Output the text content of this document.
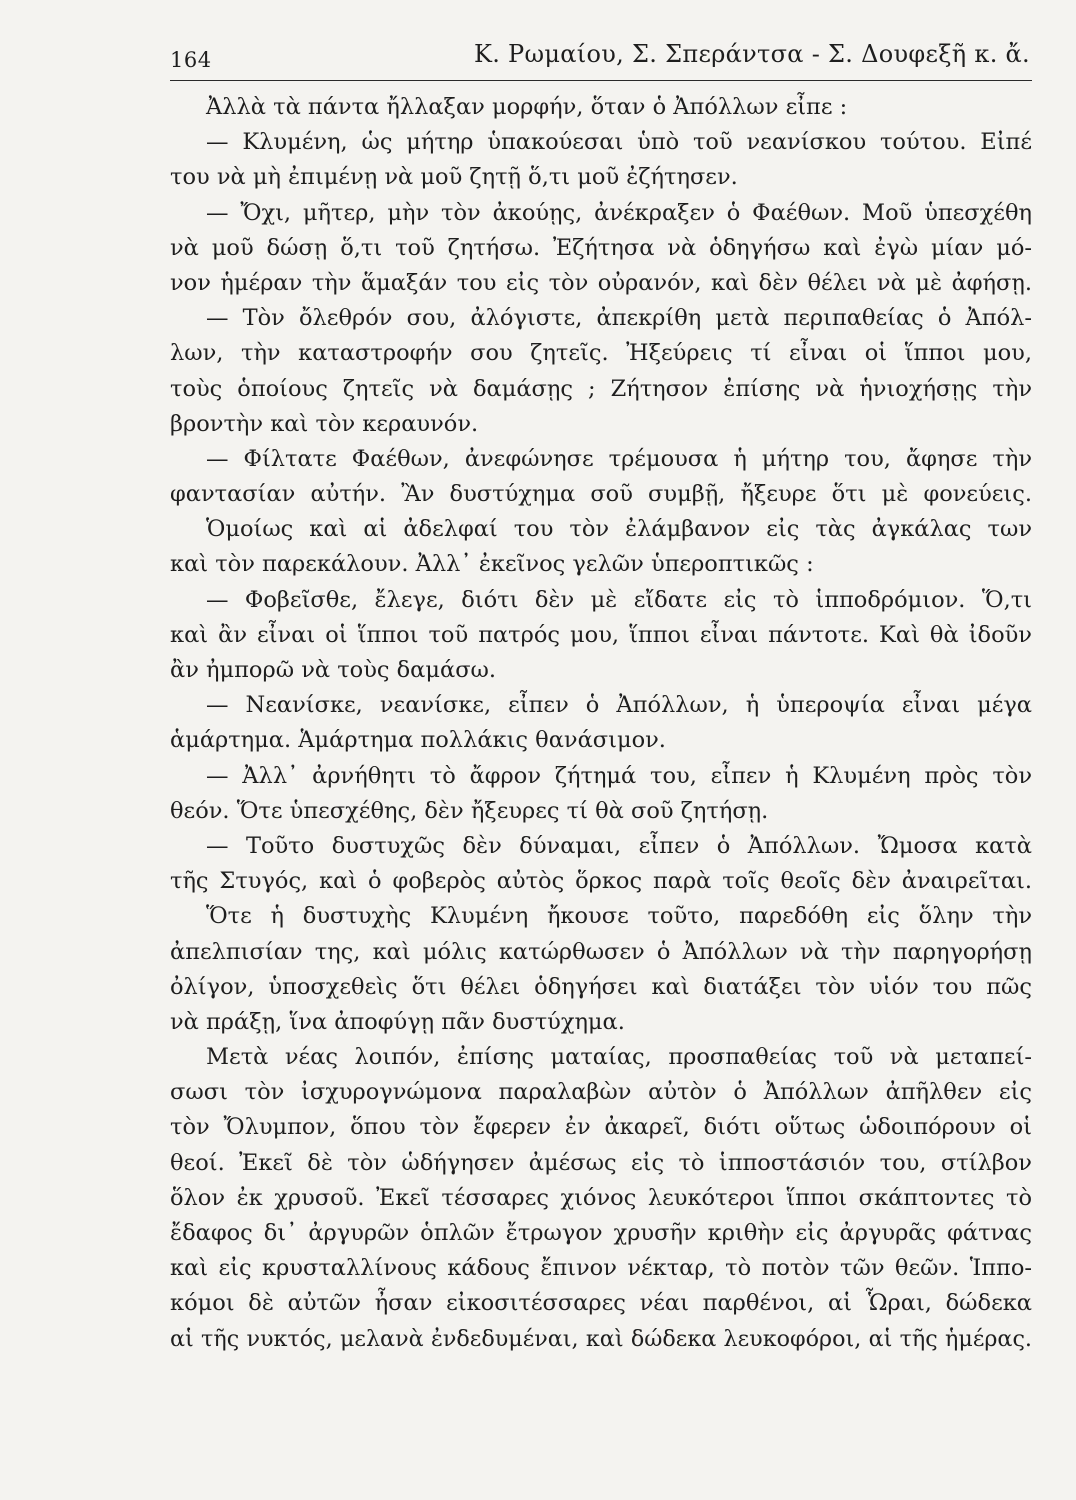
164	Κ. Ρωμαίου, Σ. Σπεράντσα - Σ. Δουφεξῆ κ. ἄ.
Ἀλλὰ τὰ πάντα ἤλλαξαν μορφήν, ὅταν ὁ Ἀπόλλων εἶπε :
— Κλυμένη, ὡς μήτηρ ὑπακούεσαι ὑπὸ τοῦ νεανίσκου τούτου. Εἰπέ
του νὰ μὴ ἐπιμένῃ νὰ μοῦ ζητῇ ὅ,τι μοῦ ἐζήτησεν.
— Ὄχι, μῆτερ, μὴν τὸν ἀκούῃς, ἀνέκραξεν ὁ Φαέθων. Μοῦ ὑπεσχέθη
νὰ μοῦ δώσῃ ὅ,τι τοῦ ζητήσω. Ἐζήτησα νὰ ὁδηγήσω καὶ ἐγὼ μίαν μό-
νον ἡμέραν τὴν ἅμαξάν του εἰς τὸν οὐρανόν, καὶ δὲν θέλει νὰ μὲ ἀφήσῃ.
— Τὸν ὄλεθρόν σου, ἀλόγιστε, ἀπεκρίθη μετὰ περιπαθείας ὁ Ἀπόλ-
λων, τὴν καταστροφήν σου ζητεῖς. Ἠξεύρεις τί εἶναι οἱ ἵπποι μου,
τοὺς ὁποίους ζητεῖς νὰ δαμάσῃς ; Ζήτησον ἐπίσης νὰ ἡνιοχήσῃς τὴν
βροντὴν καὶ τὸν κεραυνόν.
— Φίλτατε Φαέθων, ἀνεφώνησε τρέμουσα ἡ μήτηρ του, ἄφησε τὴν
φαντασίαν αὐτήν. Ἂν δυστύχημα σοῦ συμβῇ, ἤξευρε ὅτι μὲ φονεύεις.
Ὁμοίως καὶ αἱ ἀδελφαί του τὸν ἐλάμβανον εἰς τὰς ἀγκάλας των
καὶ τὸν παρεκάλουν. Ἀλλ᾽ ἐκεῖνος γελῶν ὑπεροπτικῶς :
— Φοβεῖσθε, ἔλεγε, διότι δὲν μὲ εἴδατε εἰς τὸ ἱπποδρόμιον. Ὅ,τι
καὶ ἂν εἶναι οἱ ἵπποι τοῦ πατρός μου, ἵπποι εἶναι πάντοτε. Καὶ θὰ ἰδοῦν
ἂν ἠμπορῶ νὰ τοὺς δαμάσω.
— Νεανίσκε, νεανίσκε, εἶπεν ὁ Ἀπόλλων, ἡ ὑπεροψία εἶναι μέγα
ἁμάρτημα. Ἁμάρτημα πολλάκις θανάσιμον.
— Ἀλλ᾽ ἀρνήθητι τὸ ἄφρον ζήτημά του, εἶπεν ἡ Κλυμένη πρὸς τὸν
θεόν. Ὅτε ὑπεσχέθης, δὲν ἤξευρες τί θὰ σοῦ ζητήσῃ.
— Τοῦτο δυστυχῶς δὲν δύναμαι, εἶπεν ὁ Ἀπόλλων. Ὤμοσα κατὰ
τῆς Στυγός, καὶ ὁ φοβερὸς αὐτὸς ὅρκος παρὰ τοῖς θεοῖς δὲν ἀναιρεῖται.
Ὅτε ἡ δυστυχὴς Κλυμένη ἤκουσε τοῦτο, παρεδόθη εἰς ὅλην τὴν
ἀπελπισίαν της, καὶ μόλις κατώρθωσεν ὁ Ἀπόλλων νὰ τὴν παρηγορήσῃ
ὀλίγον, ὑποσχεθεὶς ὅτι θέλει ὁδηγήσει καὶ διατάξει τὸν υἱόν του πῶς
νὰ πράξῃ, ἵνα ἀποφύγῃ πᾶν δυστύχημα.
Μετὰ νέας λοιπόν, ἐπίσης ματαίας, προσπαθείας τοῦ νὰ μεταπεί-
σωσι τὸν ἰσχυρογνώμονα παραλαβὼν αὐτὸν ὁ Ἀπόλλων ἀπῆλθεν εἰς
τὸν Ὄλυμπον, ὅπου τὸν ἔφερεν ἐν ἀκαρεῖ, διότι οὕτως ὡδοιπόρουν οἱ
θεοί. Ἐκεῖ δὲ τὸν ὡδήγησεν ἀμέσως εἰς τὸ ἱπποστάσιόν του, στίλβον
ὅλον ἐκ χρυσοῦ. Ἐκεῖ τέσσαρες χιόνος λευκότεροι ἵπποι σκάπτοντες τὸ
ἔδαφος δι᾽ ἀργυρῶν ὁπλῶν ἔτρωγον χρυσῆν κριθὴν εἰς ἀργυρᾶς φάτνας
καὶ εἰς κρυσταλλίνους κάδους ἔπινον νέκταρ, τὸ ποτὸν τῶν θεῶν. Ἱππο-
κόμοι δὲ αὐτῶν ἦσαν εἰκοσιτέσσαρες νέαι παρθένοι, αἱ Ὧραι, δώδεκα
αἱ τῆς νυκτός, μελανὰ ἐνδεδυμέναι, καὶ δώδεκα λευκοφόροι, αἱ τῆς ἡμέρας.
